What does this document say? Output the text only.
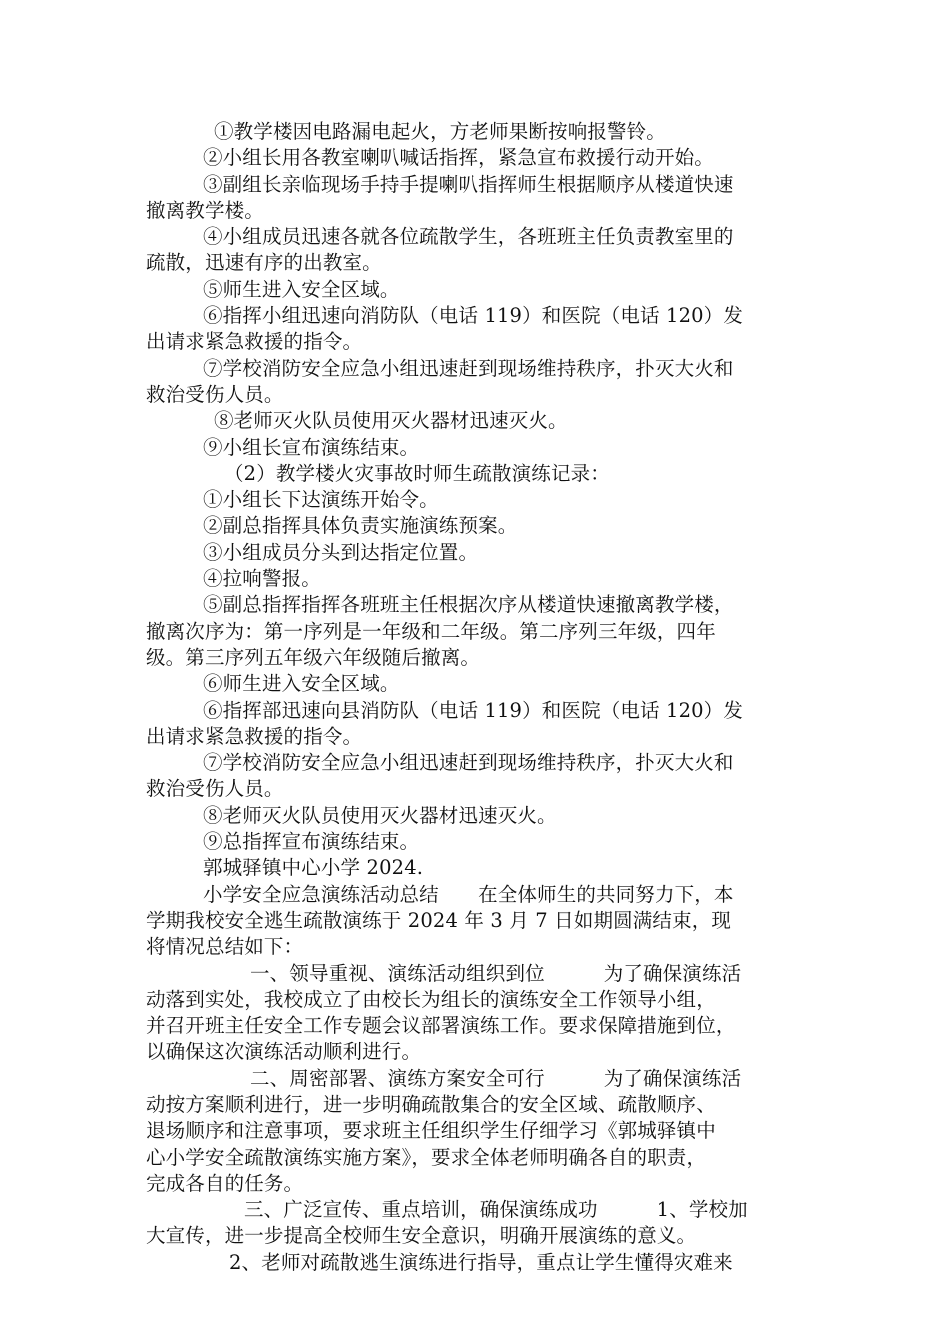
①教学楼因电路漏电起火，方老师果断按响报警铃。

②小组长用各教室喇叭喊话指挥，紧急宣布救援行动开始。

③副组长亲临现场手持手提喇叭指挥师生根据顺序从楼道快速

撤离教学楼。

④小组成员迅速各就各位疏散学生，各班班主任负责教室里的

疏散，迅速有序的出教室。

⑤师生进入安全区域。

⑥指挥小组迅速向消防队（电话 119）和医院（电话 120）发

出请求紧急救援的指令。

⑦学校消防安全应急小组迅速赶到现场维持秩序，扑灭大火和

救治受伤人员。

⑧老师灭火队员使用灭火器材迅速灭火。

⑨小组长宣布演练结束。

（2）教学楼火灾事故时师生疏散演练记录：

①小组长下达演练开始令。

②副总指挥具体负责实施演练预案。

③小组成员分头到达指定位置。

④拉响警报。

⑤副总指挥指挥各班班主任根据次序从楼道快速撤离教学楼，

撤离次序为：第一序列是一年级和二年级。第二序列三年级，四年

级。第三序列五年级六年级随后撤离。

⑥师生进入安全区域。

⑥指挥部迅速向县消防队（电话 119）和医院（电话 120）发

出请求紧急救援的指令。

⑦学校消防安全应急小组迅速赶到现场维持秩序，扑灭大火和

救治受伤人员。

⑧老师灭火队员使用灭火器材迅速灭火。

⑨总指挥宣布演练结束。

郭城驿镇中心小学 2024.

小学安全应急演练活动总结　　在全体师生的共同努力下，本

学期我校安全逃生疏散演练于 2024 年 3 月 7 日如期圆满结束，现

将情况总结如下：

一、领导重视、演练活动组织到位　　　为了确保演练活

动落到实处，我校成立了由校长为组长的演练安全工作领导小组，

并召开班主任安全工作专题会议部署演练工作。要求保障措施到位，

以确保这次演练活动顺利进行。

二、周密部署、演练方案安全可行　　　为了确保演练活

动按方案顺利进行，进一步明确疏散集合的安全区域、疏散顺序、

退场顺序和注意事项，要求班主任组织学生仔细学习《郭城驿镇中

心小学安全疏散演练实施方案》，要求全体老师明确各自的职责，

完成各自的任务。

三、广泛宣传、重点培训，确保演练成功　　　1、学校加

大宣传，进一步提高全校师生安全意识，明确开展演练的意义。

2、老师对疏散逃生演练进行指导，重点让学生懂得灾难来
